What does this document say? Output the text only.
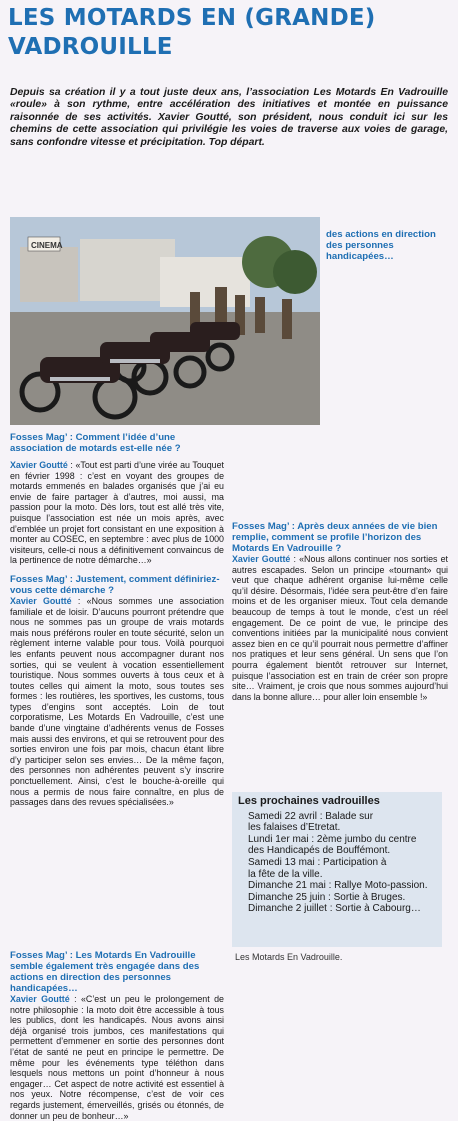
LES MOTARDS EN (GRANDE) VADROUILLE

Depuis sa création il y a tout juste deux ans, l’association Les Motards En Vadrouille «roule» à son rythme, entre accélération des initiatives et montée en puissance raisonnée de ses activités. Xavier Goutté, son président, nous conduit ici sur les chemins de cette association qui privilégie les voies de traverse aux voies de garage, sans confondre vitesse et précipitation. Top départ.

CINEMA

des actions en direction des personnes handicapées…

Fosses Mag’ : Comment l’idée d’une association de motards est-elle née ?

Xavier Goutté : «Tout est parti d’une virée au Touquet en février 1998 : c’est en voyant des groupes de motards emmenés en balades organisés que j’ai eu envie de faire partager à d’autres, moi aussi, ma passion pour la moto. Dès lors, tout est allé très vite, puisque l’association est née un mois après, avec d’emblée un projet fort consistant en une exposition à monter au COSEC, en septembre : avec plus de 1000 visiteurs, celle-ci nous a définitivement convaincus de la pertinence de notre démarche…»

Fosses Mag’ : Justement, comment définiriez-vous cette démarche ?

Xavier Goutté : «Nous sommes une association familiale et de loisir. D’aucuns pourront prétendre que nous ne sommes pas un groupe de vrais motards mais nous préférons rouler en toute sécurité, selon un règlement interne valable pour tous. Voilà pourquoi les enfants peuvent nous accompagner durant nos sorties, qui se veulent à vocation essentiellement touristique. Nous sommes ouverts à tous ceux et à toutes celles qui aiment la moto, sous toutes ses formes : les routières, les sportives, les customs, tous types d’engins sont acceptés. Loin de tout corporatisme, Les Motards En Vadrouille, c’est une bande d’une vingtaine d’adhérents venus de Fosses mais aussi des environs, et qui se retrouvent pour des sorties environ une fois par mois, chacun étant libre d’y participer selon ses envies… De la même façon, des personnes non adhérentes peuvent s’y inscrire ponctuellement. Ainsi, c’est le bouche-à-oreille qui nous a permis de nous faire connaître, en plus de passages dans des revues spécialisées.»

Fosses Mag’ : Après deux années de vie bien remplie, comment se profile l’horizon des Motards En Vadrouille ?

Xavier Goutté : «Nous allons continuer nos sorties et autres escapades. Selon un principe «tournant» qui veut que chaque adhérent organise lui-même celle qu’il désire. Désormais, l’idée sera peut-être d’en faire moins et de les organiser mieux. Tout cela demande beaucoup de temps à tout le monde, c’est un réel engagement. De ce point de vue, le principe des conventions initiées par la municipalité nous convient assez bien en ce qu’il pourrait nous permettre d’affiner nos pratiques et leur sens général. Un sens que l’on pourra également bientôt retrouver sur Internet, puisque l’association est en train de créer son propre site… Vraiment, je crois que nous sommes aujourd’hui dans la bonne allure… pour aller loin ensemble !»

Les prochaines vadrouilles
Samedi 22 avril : Balade sur
les falaises d’Etretat.
Lundi 1er mai : 2ème jumbo du centre
des Handicapés de Bouffémont.
Samedi 13 mai : Participation à
la fête de la ville.
Dimanche 21 mai : Rallye Moto-passion.
Dimanche 25 juin : Sortie à Bruges.
Dimanche 2 juillet : Sortie à Cabourg…
Les Motards En Vadrouille.

Fosses Mag’ : Les Motards En Vadrouille semble également très engagée dans des actions en direction des personnes handicapées…

Xavier Goutté : «C’est un peu le prolongement de notre philosophie : la moto doit être accessible à tous les publics, dont les handicapés. Nous avons ainsi déjà organisé trois jumbos, ces manifestations qui permettent d’emmener en sortie des personnes dont l’état de santé ne peut en principe le permettre. De même pour les événements type téléthon dans lesquels nous mettons un point d’honneur à nous engager… Cet aspect de notre activité est essentiel à nos yeux. Notre récompense, c’est de voir ces regards justement, émerveillés, grisés ou étonnés, de donner un peu de bonheur…»
